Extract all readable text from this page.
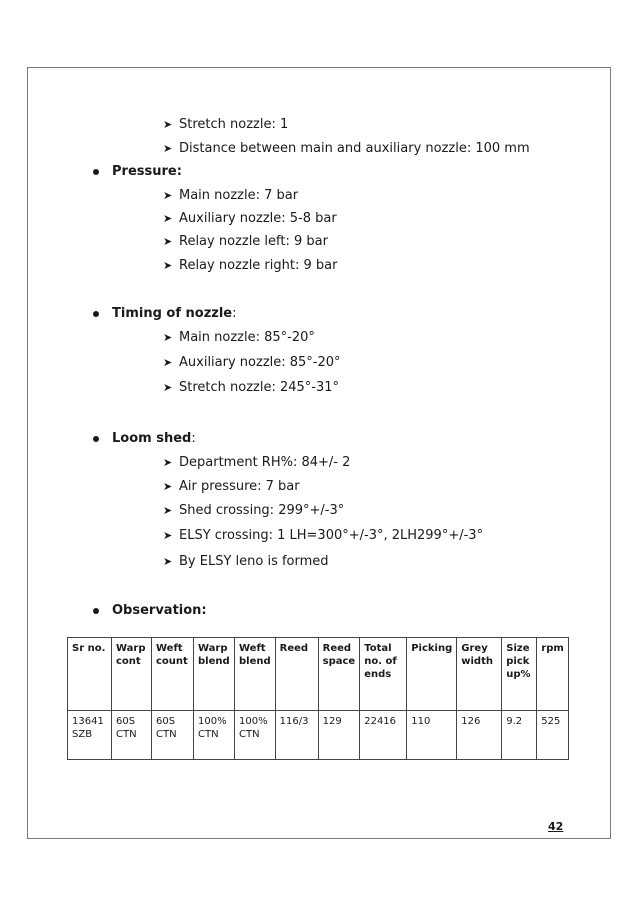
➤ Stretch nozzle: 1
➤ Distance between main and auxiliary nozzle: 100 mm
Pressure:
➤ Main nozzle: 7 bar
➤ Auxiliary nozzle: 5-8 bar
➤ Relay nozzle left: 9 bar
➤ Relay nozzle right: 9 bar
Timing of nozzle:
➤ Main nozzle: 85°-20°
➤ Auxiliary nozzle: 85°-20°
➤ Stretch nozzle: 245°-31°
Loom shed:
➤ Department RH%: 84+/- 2
➤ Air pressure: 7 bar
➤ Shed crossing: 299°+/-3°
➤ ELSY crossing: 1 LH=300°+/-3°, 2LH299°+/-3°
➤ By ELSY leno is formed
Observation:
Sr no.	Warp cont	Weft count	Warp blend	Weft blend	Reed	Reed space	Total no. of ends	Picking	Grey width	Size pick up%	rpm
13641 SZB	60S CTN	60S CTN	100% CTN	100% CTN	116/3	129	22416	110	126	9.2	525
42
